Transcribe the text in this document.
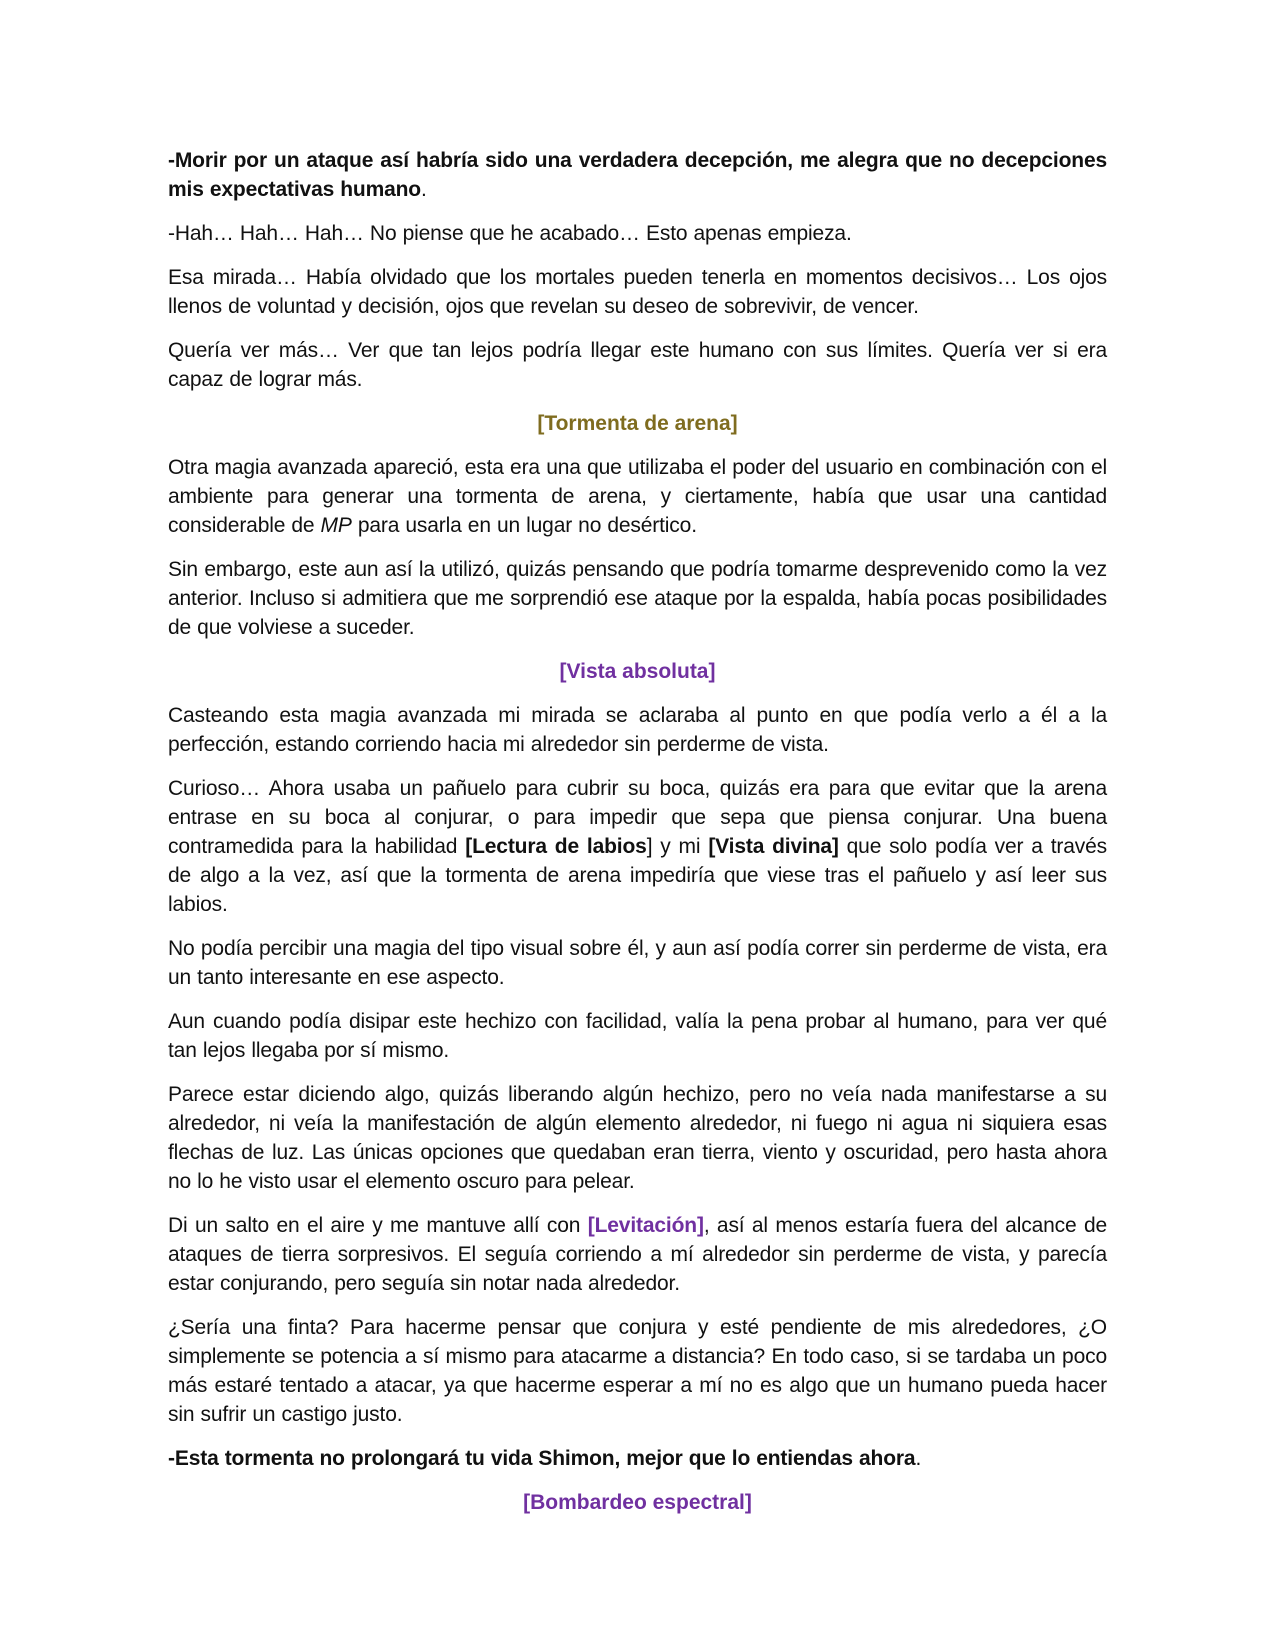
-Morir por un ataque así habría sido una verdadera decepción, me alegra que no decepciones mis expectativas humano.

-Hah… Hah… Hah… No piense que he acabado… Esto apenas empieza.

Esa mirada… Había olvidado que los mortales pueden tenerla en momentos decisivos… Los ojos llenos de voluntad y decisión, ojos que revelan su deseo de sobrevivir, de vencer.

Quería ver más… Ver que tan lejos podría llegar este humano con sus límites. Quería ver si era capaz de lograr más.

[Tormenta de arena]

Otra magia avanzada apareció, esta era una que utilizaba el poder del usuario en combinación con el ambiente para generar una tormenta de arena, y ciertamente, había que usar una cantidad considerable de MP para usarla en un lugar no desértico.

Sin embargo, este aun así la utilizó, quizás pensando que podría tomarme desprevenido como la vez anterior. Incluso si admitiera que me sorprendió ese ataque por la espalda, había pocas posibilidades de que volviese a suceder.

[Vista absoluta]

Casteando esta magia avanzada mi mirada se aclaraba al punto en que podía verlo a él a la perfección, estando corriendo hacia mi alrededor sin perderme de vista.

Curioso… Ahora usaba un pañuelo para cubrir su boca, quizás era para que evitar que la arena entrase en su boca al conjurar, o para impedir que sepa que piensa conjurar. Una buena contramedida para la habilidad [Lectura de labios] y mi [Vista divina] que solo podía ver a través de algo a la vez, así que la tormenta de arena impediría que viese tras el pañuelo y así leer sus labios.

No podía percibir una magia del tipo visual sobre él, y aun así podía correr sin perderme de vista, era un tanto interesante en ese aspecto.

Aun cuando podía disipar este hechizo con facilidad, valía la pena probar al humano, para ver qué tan lejos llegaba por sí mismo.

Parece estar diciendo algo, quizás liberando algún hechizo, pero no veía nada manifestarse a su alrededor, ni veía la manifestación de algún elemento alrededor, ni fuego ni agua ni siquiera esas flechas de luz. Las únicas opciones que quedaban eran tierra, viento y oscuridad, pero hasta ahora no lo he visto usar el elemento oscuro para pelear.

Di un salto en el aire y me mantuve allí con [Levitación], así al menos estaría fuera del alcance de ataques de tierra sorpresivos. El seguía corriendo a mí alrededor sin perderme de vista, y parecía estar conjurando, pero seguía sin notar nada alrededor.

¿Sería una finta? Para hacerme pensar que conjura y esté pendiente de mis alrededores, ¿O simplemente se potencia a sí mismo para atacarme a distancia? En todo caso, si se tardaba un poco más estaré tentado a atacar, ya que hacerme esperar a mí no es algo que un humano pueda hacer sin sufrir un castigo justo.

-Esta tormenta no prolongará tu vida Shimon, mejor que lo entiendas ahora.

[Bombardeo espectral]
